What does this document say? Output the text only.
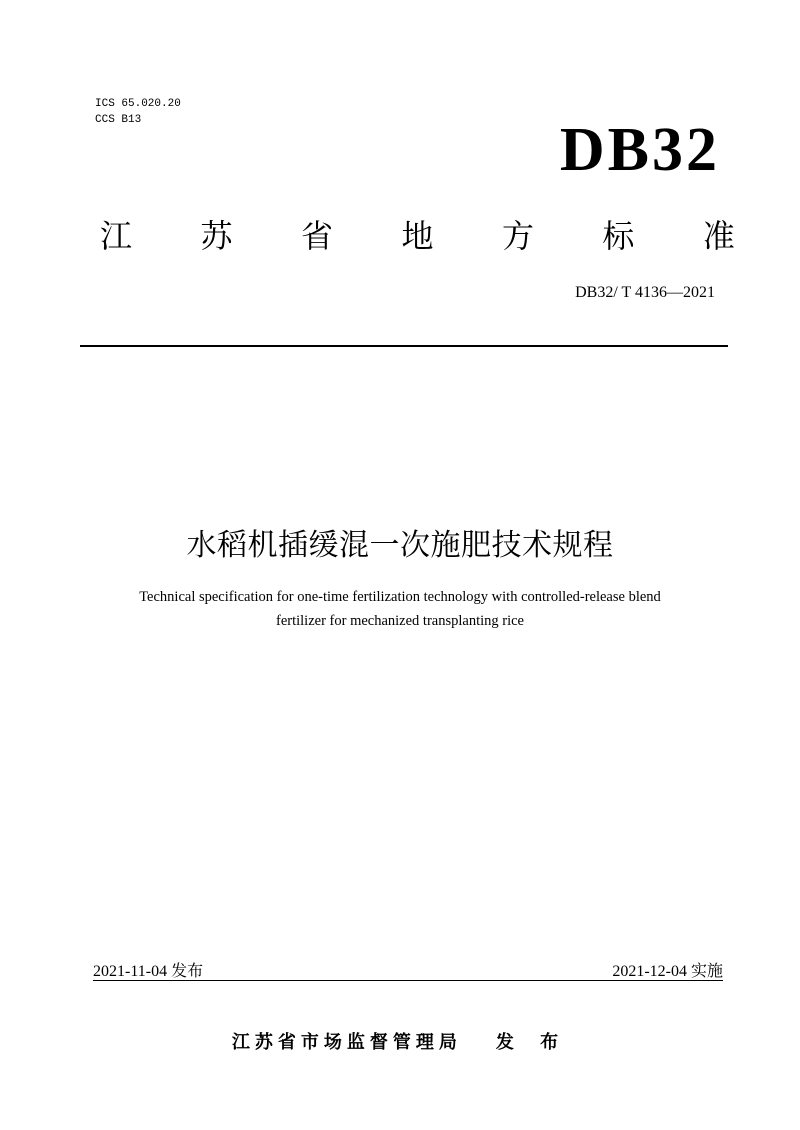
ICS 65.020.20
CCS B13	DB32
江 苏 省 地 方 标 准
DB32/ T 4136—2021
水稻机插缓混一次施肥技术规程
Technical specification for one-time fertilization technology with controlled-release blend
fertilizer for mechanized transplanting rice
2021-11-04 发布	2021-12-04 实施
江苏省市场监督管理局 发 布
